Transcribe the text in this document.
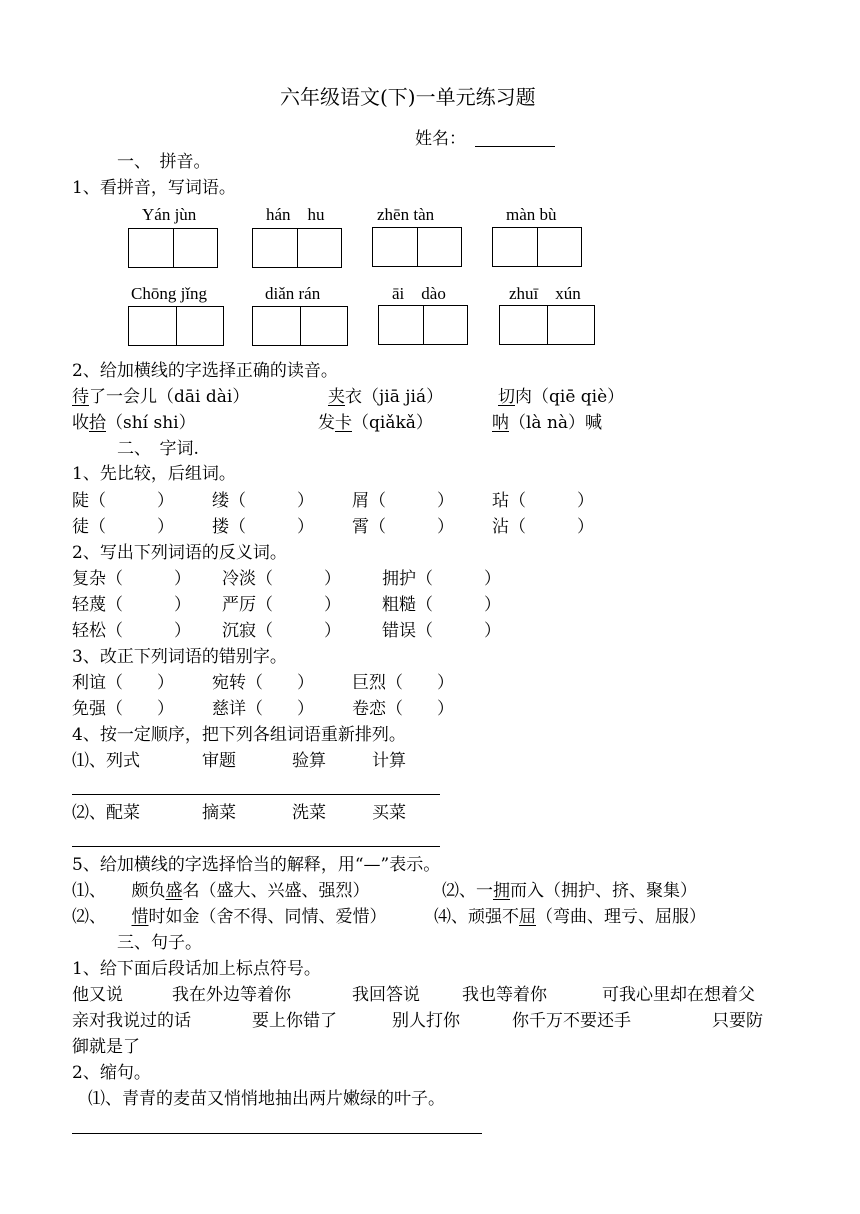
六年级语文(下)一单元练习题
姓名：
一、　拼音。
1、看拼音，写词语。
Yán jùn	hán　hu	zhēn tàn	màn bù
Chōng jǐng	diǎn rán	āi　dào	zhuī　xún
2、给加横线的字选择正确的读音。
待了一会儿（dāi dài）	夹衣（jiā jiá）	切肉（qiē qiè）
收拾（shí shi）	发卡（qiǎkǎ）	呐（là nà）喊
二、　字词.
1、先比较，后组词。
陡（　　　） 缕（　　　） 屑（　　　） 玷（　　　）
徒（　　　） 搂（　　　） 霄（　　　） 沾（　　　）
2、写出下列词语的反义词。
复杂（　　　） 冷淡（　　　） 拥护（　　　）
轻蔑（　　　） 严厉（　　　） 粗糙（　　　）
轻松（　　　） 沉寂（　　　） 错误（　　　）
3、改正下列词语的错别字。
利谊（　　） 宛转（　　） 巨烈（　　）
免强（　　） 慈详（　　） 卷恋（　　）
4、按一定顺序，把下列各组词语重新排列。
⑴、列式	审题	验算	计算
⑵、配菜	摘菜	洗菜	买菜
5、给加横线的字选择恰当的解释，用“—”表示。
⑴、　　颇负盛名（盛大、兴盛、强烈）	⑵、一拥而入（拥护、挤、聚集）
⑵、　　惜时如金（舍不得、同情、爱惜）	⑷、顽强不屈（弯曲、理亏、屈服）
三、句子。
1、给下面后段话加上标点符号。
他又说	我在外边等着你	我回答说 我也等着你	可我心里却在想着父
亲对我说过的话	要上你错了	别人打你	你千万不要还手	只要防
御就是了
2、缩句。
⑴、青青的麦苗又悄悄地抽出两片嫩绿的叶子。
